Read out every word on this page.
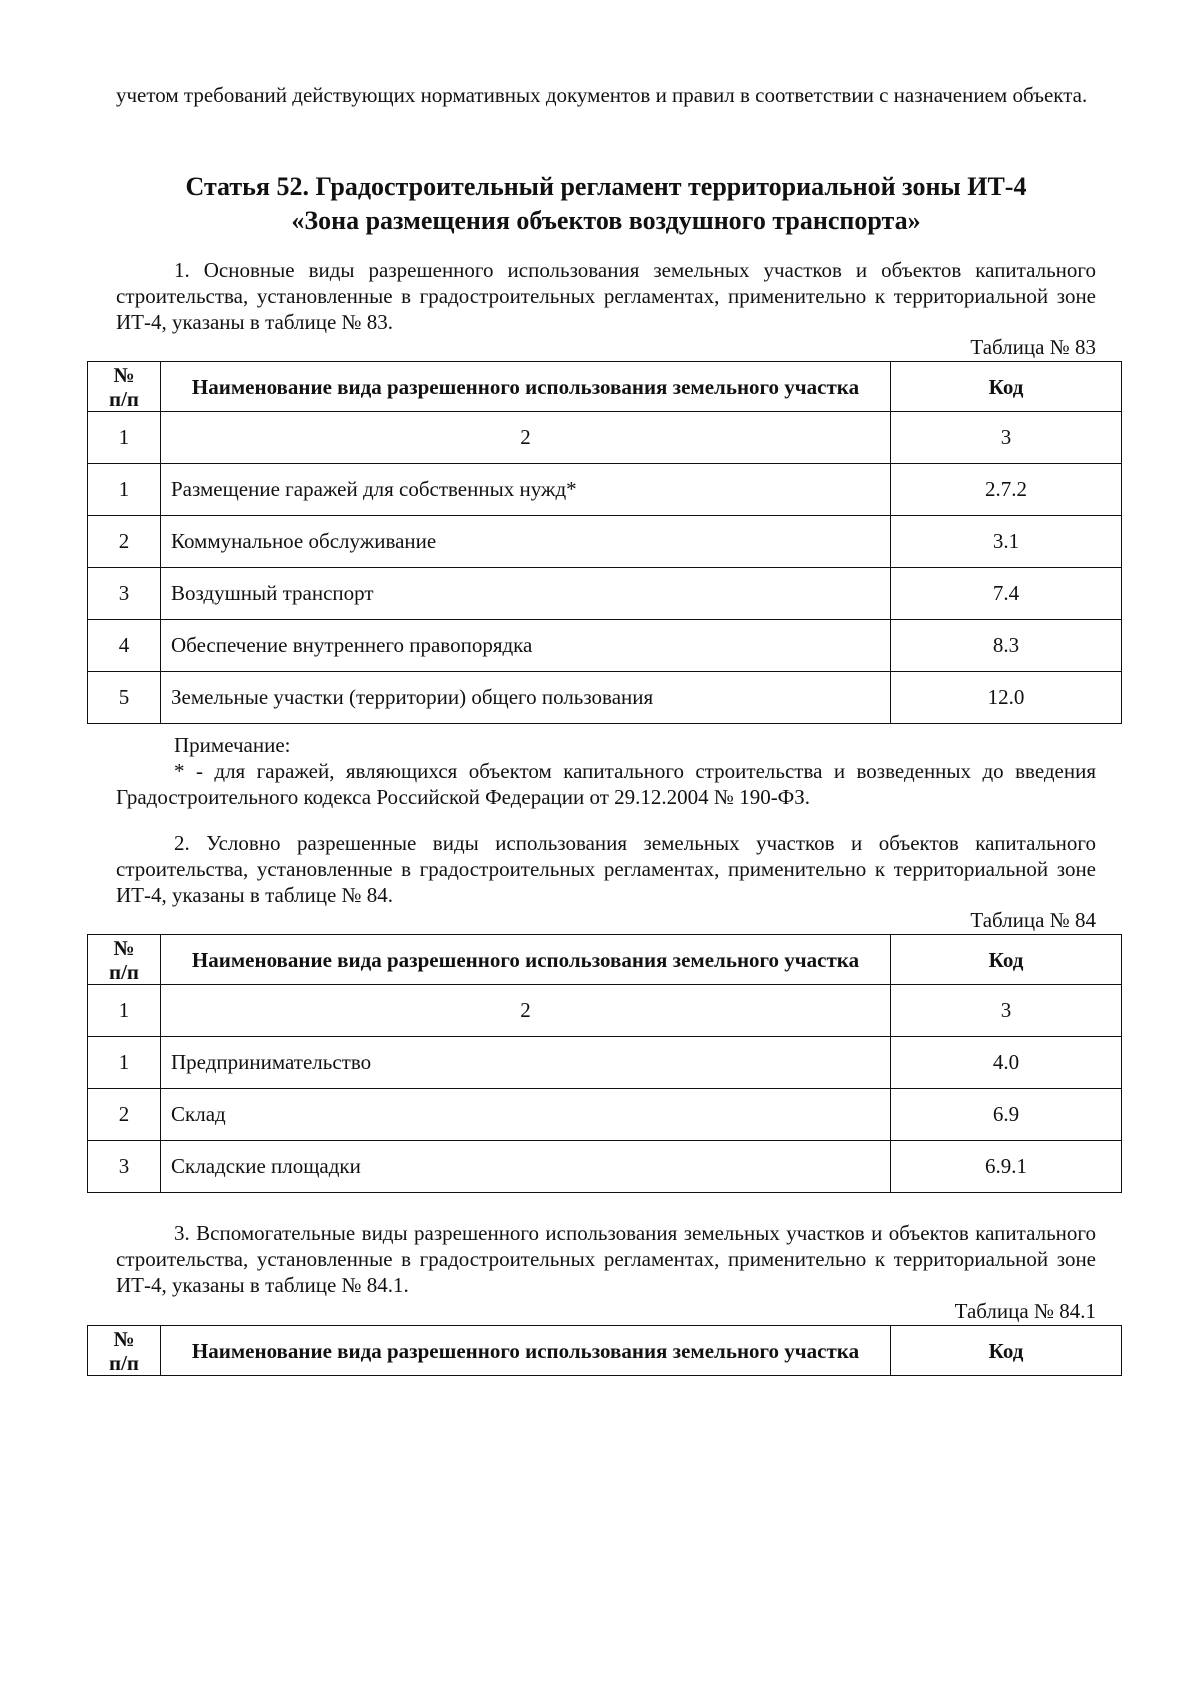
учетом требований действующих нормативных документов и правил в соответствии с назначением объекта.

Статья 52. Градостроительный регламент территориальной зоны ИТ-4
«Зона размещения объектов воздушного транспорта»

1. Основные виды разрешенного использования земельных участков и объектов капитального строительства, установленные в градостроительных регламентах, применительно к территориальной зоне ИТ-4, указаны в таблице № 83.

Таблица № 83
№
п/п	Наименование вида разрешенного использования земельного участка	Код
1	2	3
1	Размещение гаражей для собственных нужд*	2.7.2
2	Коммунальное обслуживание	3.1
3	Воздушный транспорт	7.4
4	Обеспечение внутреннего правопорядка	8.3
5	Земельные участки (территории) общего пользования	12.0
Примечание:
* - для гаражей, являющихся объектом капитального строительства и возведенных до введения Градостроительного кодекса Российской Федерации от 29.12.2004 № 190-ФЗ.

2. Условно разрешенные виды использования земельных участков и объектов капитального строительства, установленные в градостроительных регламентах, применительно к территориальной зоне ИТ-4, указаны в таблице № 84.

Таблица № 84
№
п/п	Наименование вида разрешенного использования земельного участка	Код
1	2	3
1	Предпринимательство	4.0
2	Склад	6.9
3	Складские площадки	6.9.1

3. Вспомогательные виды разрешенного использования земельных участков и объектов капитального строительства, установленные в градостроительных регламентах, применительно к территориальной зоне ИТ-4, указаны в таблице № 84.1.

Таблица № 84.1
№
п/п	Наименование вида разрешенного использования земельного участка	Код
